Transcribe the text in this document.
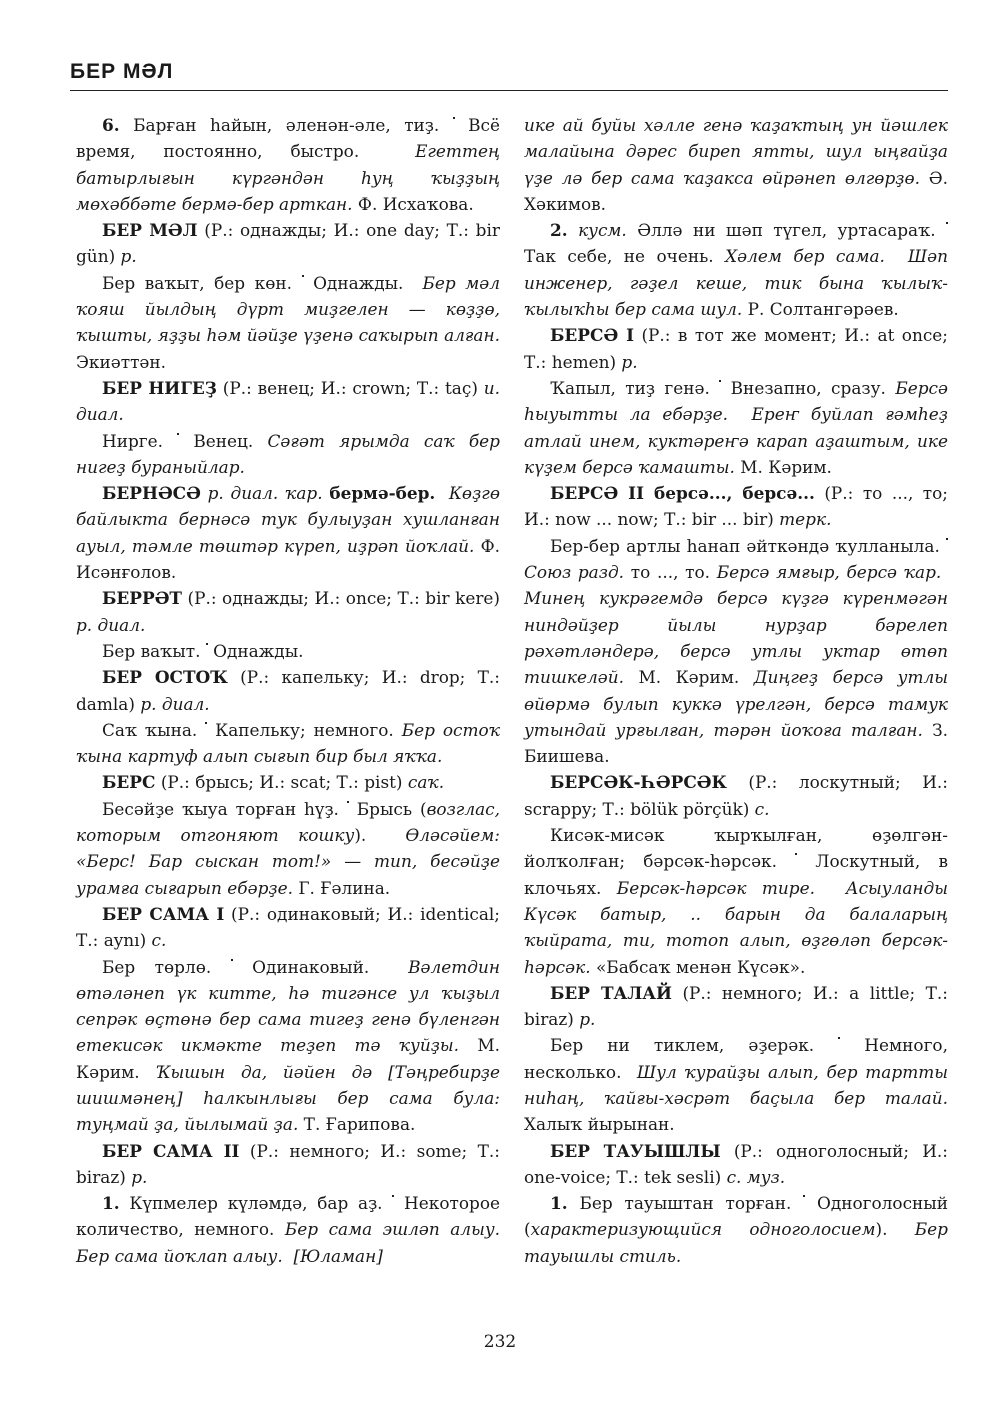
БЕР МӘЛ

6. Барған һайын, әленән-әле, тиҙ.  Всё время, постоянно, быстро.  Егеттең батырлығын күргәндән һуң ҡыҙҙың мөхәббәте бермә-бер арткан. Ф. Исхаҡова.

БЕР МӘЛ (Р.: однажды; И.: one day; Т.: bir gün) р.

Бер ваҡыт, бер көн.  Однажды.  Бер мәл ҡояш йылдың дүрт миҙгелен — көҙҙө, ҡышты, яҙҙы һәм йәйҙе үҙенә саҡырып алған. Экиәттән.

БЕР НИГЕҘ (Р.: венец; И.: crown; Т.: taç) и. диал.

Нирге.  Венец. Сәғәт ярымда саҡ бер нигеҙ бураныйлар.

БЕРНӘСӘ р. диал. ҡар. бермә-бер.  Көҙгө байлыкта бернәсә тук булыуҙан хушланған ауыл, тәмле төштәр күреп, иҙрәп йоҡлай. Ф. Исәнғолов.

БЕРРӘТ (Р.: однажды; И.: once; Т.: bir kere) р. диал.

Бер ваҡыт.  Однажды.

БЕР ОСТОҠ (Р.: капельку; И.: drop; Т.: damla) р. диал.

Саҡ ҡына.  Капельку; немного. Бер остоҡ ҡына картуф алып сығып бир был яҡҡа.

БЕРС (Р.: брысь; И.: scat; Т.: pist) саҡ.

Бесәйҙе ҡыуа торған һүҙ.  Брысь (возглас, которым отгоняют кошку).  Өләсәйем: «Берс! Бар сыскан тот!» — тип, бесәйҙе урамға сығарып ебәрҙе. Г. Ғәлина.

БЕР САМА I (Р.: одинаковый; И.: identical; Т.: aynı) с.

Бер төрлө.  Одинаковый.  Вәлетдин өтәләнеп үк китте, һә тигәнсе ул ҡыҙыл сепрәк өҫтөнә бер сама тигеҙ генә бүленгән етекисәк икмәкте теҙеп тә ҡуйҙы. М. Кәрим. Ҡышын да, йәйен дә [Тәңребирҙе шишмәнең] һалкынлығы бер сама була: туңмай ҙа, йылымай ҙа. Т. Ғарипова.

БЕР САМА II (Р.: немного; И.: some; Т.: biraz) р.

1. Күпмелер күләмдә, бар аҙ.  Некоторое количество, немного. Бер сама эшләп алыу. Бер сама йоҡлап алыу.  [Юламан]

ике ай буйы хәлле генә ҡаҙаҡтың ун йәшлек малайына дәрес биреп ятты, шул ыңғайҙа үҙе лә бер сама ҡаҙакса өйрәнеп өлгөрҙө. Ә. Хәкимов.

2. кусм. Әллә ни шәп түгел, уртасараҡ.  Так себе, не очень. Хәлем бер сама.  Шәп инженер, гәҙел кеше, тик бына ҡылыҡ-ҡылыҡһы бер сама шул. Р. Солтангәрәев.

БЕРСӘ I (Р.: в тот же момент; И.: at once; Т.: hemen) р.

Ҡапыл, тиҙ генә.  Внезапно, сразу. Берсә һыуытты ла ебәрҙе.  Ереҥ буйлап ғәмһеҙ атлай инем, куктәреҥә карап аҙаштым, ике күҙем берсә ҡамашты. М. Кәрим.

БЕРСӘ II берсә..., берсә... (Р.: то ..., то; И.: now ... now; Т.: bir ... bir) терк.

Бер-бер артлы һанап әйткәндә ҡулланыла.  Союз разд. то ..., то. Берсә ямғыр, берсә ҡар.  Минең кукрәгемдә берсә күҙгә күренмәгән ниндәйҙер йылы нурҙар бәрелеп рәхәтләндерә, берсә утлы уктар өтөп тишкеләй. М. Кәрим. Диңгеҙ берсә утлы өйөрмә булып куккә үрелгән, берсә тамук утындай урғылған, тәрән йоҡоға талған. З. Биишева.

БЕРСӘК-ҺӘРСӘК (Р.: лоскутный; И.: scrappy; Т.: bölük pörçük) с.

Кисәк-мисәк ҡырҡылған, өҙөлгән-йолҡолған; бәрсәк-һәрсәк.  Лоскутный, в клочьях. Берсәк-һәрсәк тире.  Асыуланды Күсәк батыр, .. барын да балаларың ҡыйрата, ти, тотоп алып, өҙгөләп берсәк-һәрсәк. «Бабсаҡ менән Күсәк».

БЕР ТАЛАЙ (Р.: немного; И.: a little; Т.: biraz) р.

Бер ни тиклем, әҙерәк.  Немного, несколько.  Шул ҡурайҙы алып, бер тартты ниһаң, ҡайғы-хәсрәт баҫыла бер талай. Халыҡ йырынан.

БЕР ТАУЫШЛЫ (Р.: одноголосный; И.: one-voice; Т.: tek sesli) с. муз.

1. Бер тауыштан торған.  Одноголосный (характеризующийся одноголосием). Бер тауышлы стиль.

232
